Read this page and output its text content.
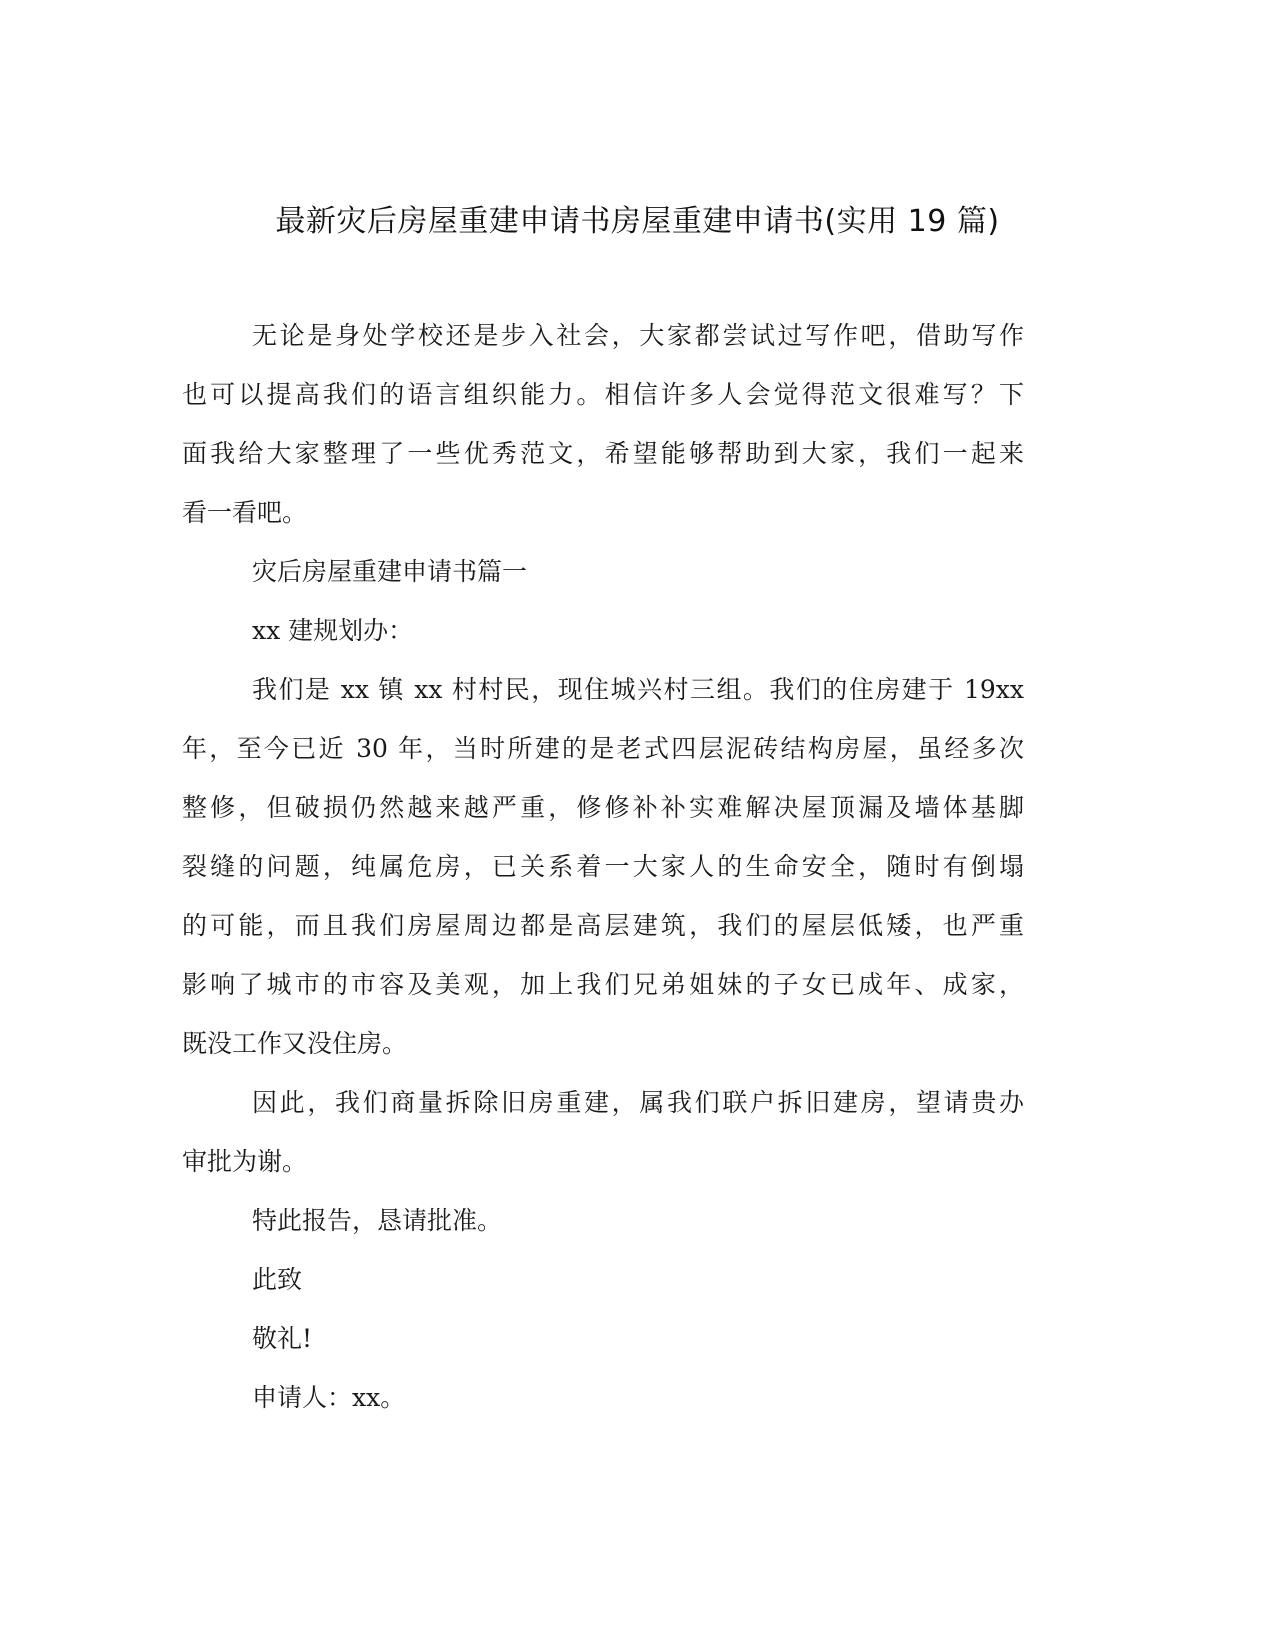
最新灾后房屋重建申请书房屋重建申请书(实用 19 篇)
无论是身处学校还是步入社会，大家都尝试过写作吧，借助写作
也可以提高我们的语言组织能力。相信许多人会觉得范文很难写？下
面我给大家整理了一些优秀范文，希望能够帮助到大家，我们一起来
看一看吧。
灾后房屋重建申请书篇一
xx 建规划办：
我们是 xx 镇 xx 村村民，现住城兴村三组。我们的住房建于 19xx
年，至今已近 30 年，当时所建的是老式四层泥砖结构房屋，虽经多次
整修，但破损仍然越来越严重，修修补补实难解决屋顶漏及墙体基脚
裂缝的问题，纯属危房，已关系着一大家人的生命安全，随时有倒塌
的可能，而且我们房屋周边都是高层建筑，我们的屋层低矮，也严重
影响了城市的市容及美观，加上我们兄弟姐妹的子女已成年、成家，
既没工作又没住房。
因此，我们商量拆除旧房重建，属我们联户拆旧建房，望请贵办
审批为谢。
特此报告，恳请批准。
此致
敬礼!
申请人：xx。
